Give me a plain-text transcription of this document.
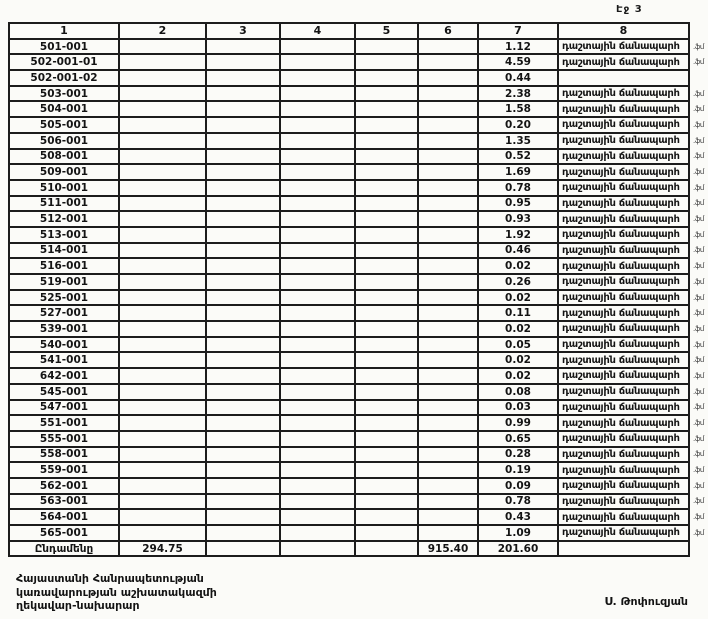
Էջ 3
1	2	3	4	5	6	7	8	
501-001						1.12	դաշտային ճանապարհ	.ֆմ
502-001-01						4.59	դաշտային ճանապարհ	.ֆմ
502-001-02						0.44		
503-001						2.38	դաշտային ճանապարհ	.ֆմ
504-001						1.58	դաշտային ճանապարհ	.ֆմ
505-001						0.20	դաշտային ճանապարհ	.ֆմ
506-001						1.35	դաշտային ճանապարհ	.ֆմ
508-001						0.52	դաշտային ճանապարհ	.ֆմ
509-001						1.69	դաշտային ճանապարհ	.ֆմ
510-001						0.78	դաշտային ճանապարհ	.ֆմ
511-001						0.95	դաշտային ճանապարհ	.ֆմ
512-001						0.93	դաշտային ճանապարհ	.ֆմ
513-001						1.92	դաշտային ճանապարհ	.ֆմ
514-001						0.46	դաշտային ճանապարհ	.ֆմ
516-001						0.02	դաշտային ճանապարհ	.ֆմ
519-001						0.26	դաշտային ճանապարհ	.ֆմ
525-001						0.02	դաշտային ճանապարհ	.ֆմ
527-001						0.11	դաշտային ճանապարհ	.ֆմ
539-001						0.02	դաշտային ճանապարհ	.ֆմ
540-001						0.05	դաշտային ճանապարհ	.ֆմ
541-001						0.02	դաշտային ճանապարհ	.ֆմ
642-001						0.02	դաշտային ճանապարհ	.ֆմ
545-001						0.08	դաշտային ճանապարհ	.ֆմ
547-001						0.03	դաշտային ճանապարհ	.ֆմ
551-001						0.99	դաշտային ճանապարհ	.ֆմ
555-001						0.65	դաշտային ճանապարհ	.ֆմ
558-001						0.28	դաշտային ճանապարհ	.ֆմ
559-001						0.19	դաշտային ճանապարհ	.ֆմ
562-001						0.09	դաշտային ճանապարհ	.ֆմ
563-001						0.78	դաշտային ճանապարհ	.ֆմ
564-001						0.43	դաշտային ճանապարհ	.ֆմ
565-001						1.09	դաշտային ճանապարհ	.ֆմ
Ընդամենը	294.75				915.40	201.60		
Հայաստանի Հանրապետության
կառավարության աշխատակազմի
ղեկավար-նախարար	Ս. Թոփուզյան
